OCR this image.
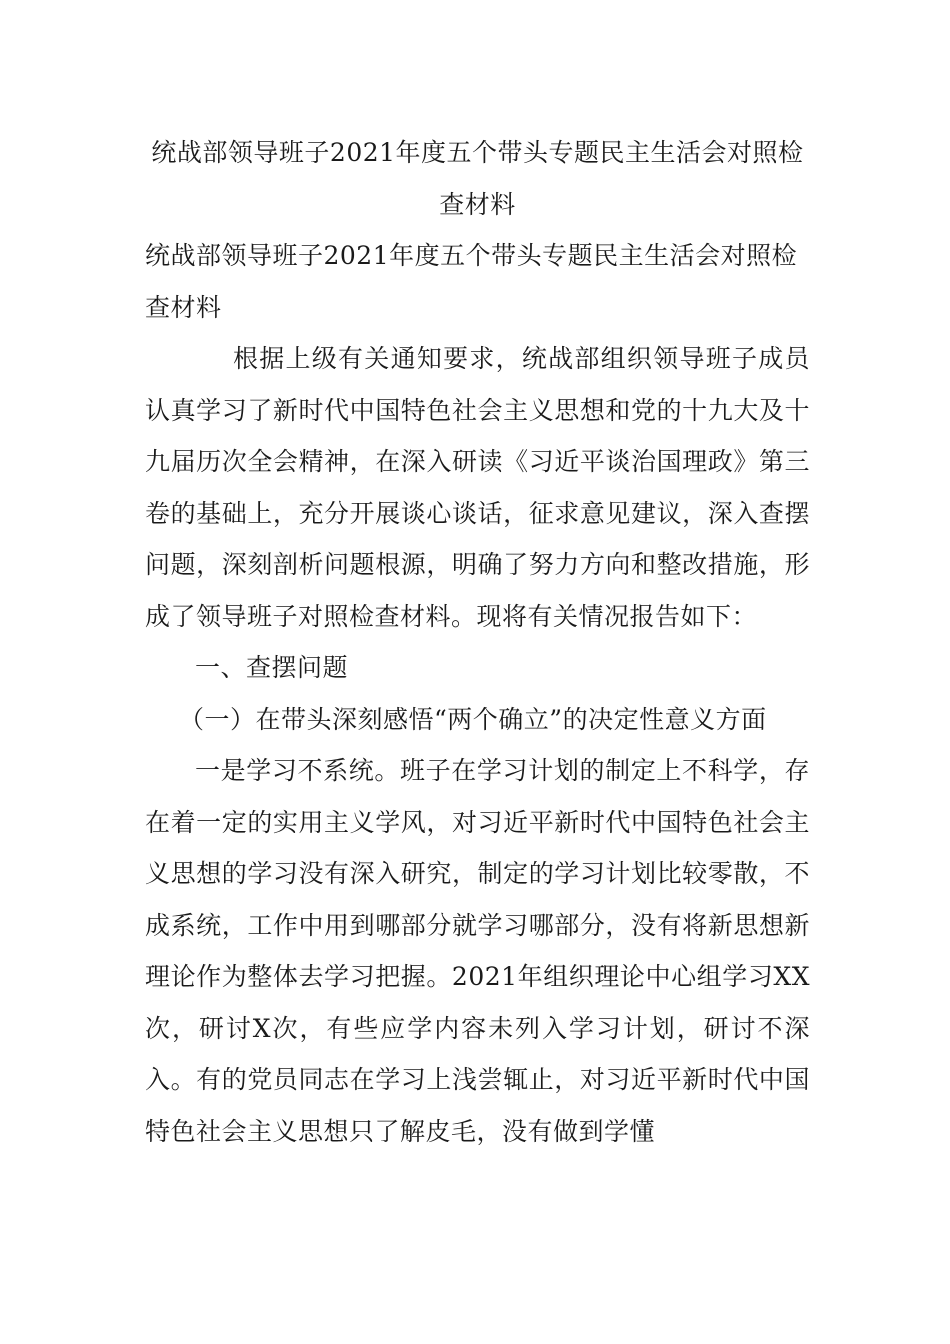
统战部领导班子2021年度五个带头专题民主生活会对照检查材料
统战部领导班子2021年度五个带头专题民主生活会对照检查材料

根据上级有关通知要求，统战部组织领导班子成员认真学习了新时代中国特色社会主义思想和党的十九大及十九届历次全会精神，在深入研读《习近平谈治国理政》第三卷的基础上，充分开展谈心谈话，征求意见建议，深入查摆问题，深刻剖析问题根源，明确了努力方向和整改措施，形成了领导班子对照检查材料。现将有关情况报告如下：

一、查摆问题

（一）在带头深刻感悟“两个确立”的决定性意义方面

一是学习不系统。班子在学习计划的制定上不科学，存在着一定的实用主义学风，对习近平新时代中国特色社会主义思想的学习没有深入研究，制定的学习计划比较零散，不成系统，工作中用到哪部分就学习哪部分，没有将新思想新理论作为整体去学习把握。2021年组织理论中心组学习XX次，研讨X次，有些应学内容未列入学习计划，研讨不深入。有的党员同志在学习上浅尝辄止，对习近平新时代中国特色社会主义思想只了解皮毛，没有做到学懂
